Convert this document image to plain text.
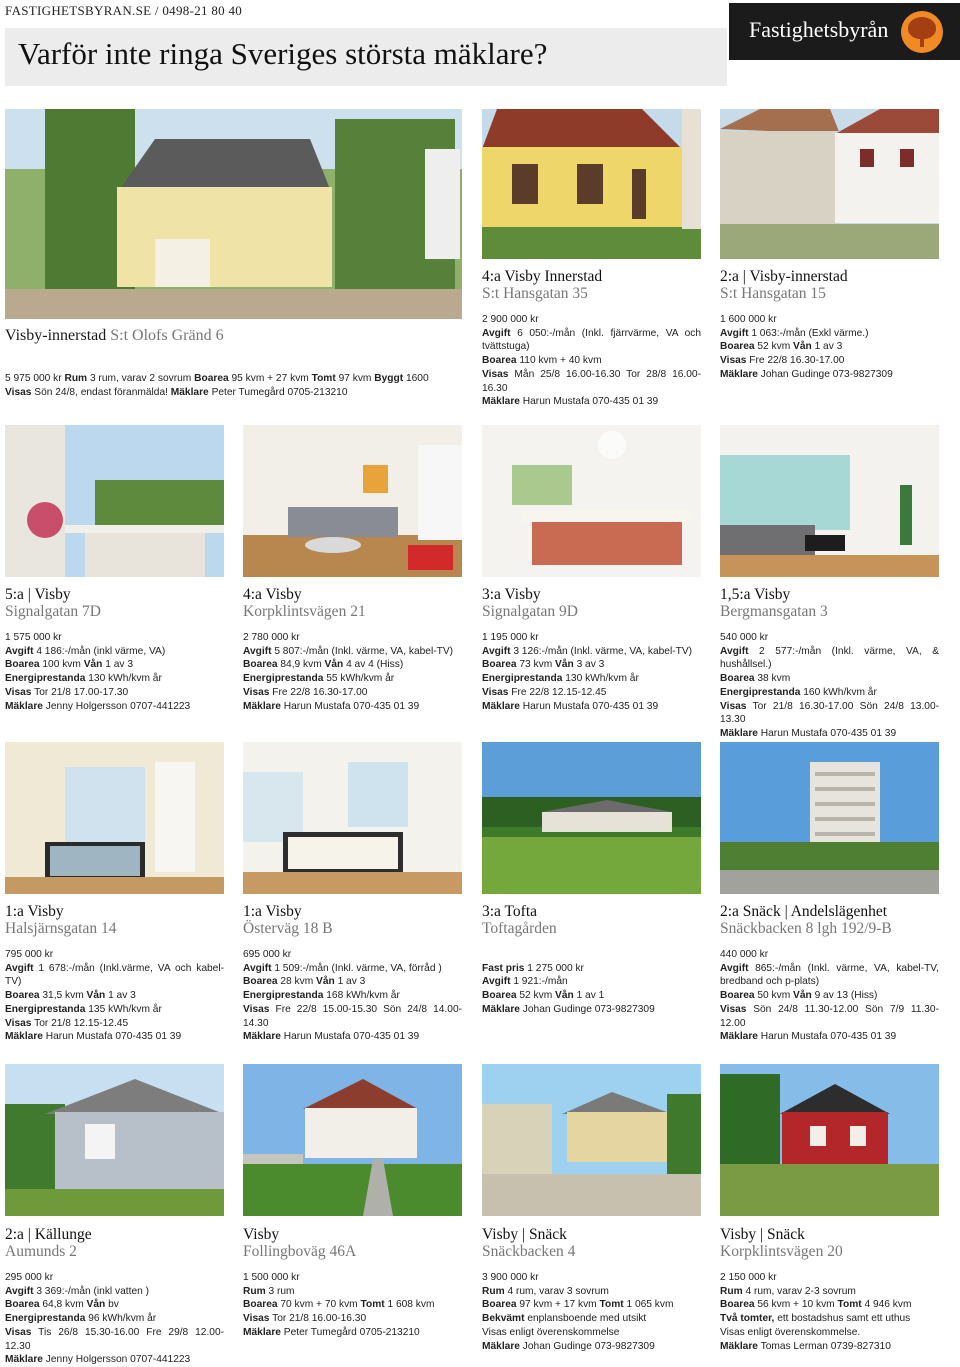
FASTIGHETSBYRAN.SE / 0498-21 80 40
Varför inte ringa Sveriges största mäklare?
Fastighetsbyrån
Visby-innerstad S:t Olofs Gränd 6
5 975 000 kr Rum 3 rum, varav 2 sovrum Boarea 95 kvm + 27 kvm Tomt 97 kvm Byggt 1600
Visas Sön 24/8, endast föranmälda! Mäklare Peter Tumegård 0705-213210
4:a Visby Innerstad
S:t Hansgatan 35
2 900 000 kr
Avgift 6 050:-/mån (Inkl. fjärrvärme, VA och tvättstuga)
Boarea 110 kvm + 40 kvm
Visas Mån 25/8 16.00-16.30 Tor 28/8 16.00-16.30
Mäklare Harun Mustafa 070-435 01 39
2:a | Visby-innerstad
S:t Hansgatan 15
1 600 000 kr
Avgift 1 063:-/mån (Exkl värme.)
Boarea 52 kvm Vån 1 av 3
Visas Fre 22/8 16.30-17.00
Mäklare Johan Gudinge 073-9827309
5:a | Visby
Signalgatan 7D
1 575 000 kr
Avgift 4 186:-/mån (inkl värme, VA)
Boarea 100 kvm Vån 1 av 3
Energiprestanda 130 kWh/kvm år
Visas Tor 21/8 17.00-17.30
Mäklare Jenny Holgersson 0707-441223
4:a Visby
Korpklintsvägen 21
2 780 000 kr
Avgift 5 807:-/mån (Inkl. värme, VA, kabel-TV)
Boarea 84,9 kvm Vån 4 av 4 (Hiss)
Energiprestanda 55 kWh/kvm år
Visas Fre 22/8 16.30-17.00
Mäklare Harun Mustafa 070-435 01 39
3:a Visby
Signalgatan 9D
1 195 000 kr
Avgift 3 126:-/mån (Inkl. värme, VA, kabel-TV)
Boarea 73 kvm Vån 3 av 3
Energiprestanda 130 kWh/kvm år
Visas Fre 22/8 12.15-12.45
Mäklare Harun Mustafa 070-435 01 39
1,5:a Visby
Bergmansgatan 3
540 000 kr
Avgift 2 577:-/mån (Inkl. värme, VA, & hushållsel.)
Boarea 38 kvm
Energiprestanda 160 kWh/kvm år
Visas Tor 21/8 16.30-17.00 Sön 24/8 13.00-13.30
Mäklare Harun Mustafa 070-435 01 39
1:a Visby
Halsjärnsgatan 14
795 000 kr
Avgift 1 678:-/mån (Inkl.värme, VA och kabel-TV)
Boarea 31,5 kvm Vån 1 av 3
Energiprestanda 135 kWh/kvm år
Visas Tor 21/8 12.15-12.45
Mäklare Harun Mustafa 070-435 01 39
1:a Visby
Österväg 18 B
695 000 kr
Avgift 1 509:-/mån (Inkl. värme, VA, förråd )
Boarea 28 kvm Vån 1 av 3
Energiprestanda 168 kWh/kvm år
Visas Fre 22/8 15.00-15.30 Sön 24/8 14.00-14.30
Mäklare Harun Mustafa 070-435 01 39
3:a Tofta
Toftagården

Fast pris 1 275 000 kr
Avgift 1 921:-/mån
Boarea 52 kvm Vån 1 av 1
Mäklare Johan Gudinge 073-9827309
2:a Snäck | Andelslägenhet
Snäckbacken 8 lgh 192/9-B
440 000 kr
Avgift 865:-/mån (Inkl. värme, VA, kabel-TV, bredband och p-plats)
Boarea 50 kvm Vån 9 av 13 (Hiss)
Visas Sön 24/8 11.30-12.00 Sön 7/9 11.30-12.00
Mäklare Harun Mustafa 070-435 01 39
2:a | Källunge
Aumunds 2
295 000 kr
Avgift 3 369:-/mån (inkl vatten )
Boarea 64,8 kvm Vån bv
Energiprestanda 96 kWh/kvm år
Visas Tis 26/8 15.30-16.00 Fre 29/8 12.00-12.30
Mäklare Jenny Holgersson 0707-441223
Visby
Follingboväg 46A
1 500 000 kr
Rum 3 rum
Boarea 70 kvm + 70 kvm Tomt 1 608 kvm
Visas Tor 21/8 16.00-16.30
Mäklare Peter Tumegård 0705-213210
Visby | Snäck
Snäckbacken 4
3 900 000 kr
Rum 4 rum, varav 3 sovrum
Boarea 97 kvm + 17 kvm Tomt 1 065 kvm
Bekvämt enplansboende med utsikt
Visas enligt överenskommelse
Mäklare Johan Gudinge 073-9827309
Visby | Snäck
Korpklintsvägen 20
2 150 000 kr
Rum 4 rum, varav 2-3 sovrum
Boarea 56 kvm + 10 kvm Tomt 4 946 kvm
Två tomter, ett bostadshus samt ett uthus
Visas enligt överenskommelse.
Mäklare Tomas Lerman 0739-827310
